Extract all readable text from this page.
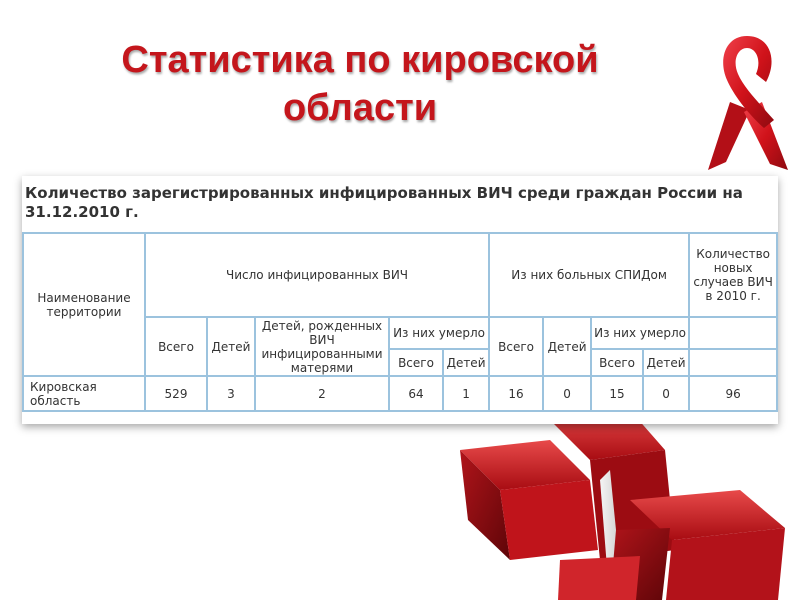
Статистика по кировской
области

Количество зарегистрированных инфицированных ВИЧ среди граждан России на 31.12.2010 г.

Наименование территории	Число инфицированных ВИЧ					Из них больных СПИДом				Количество новых случаев ВИЧ в 2010 г.
	Всего	Детей	Детей, рожденных ВИЧ инфицированными матерями	Из них умерло		Всего	Детей	Из них умерло		
				Всего	Детей			Всего	Детей	
Кировская область	529	3	2	64	1	16	0	15	0	96
